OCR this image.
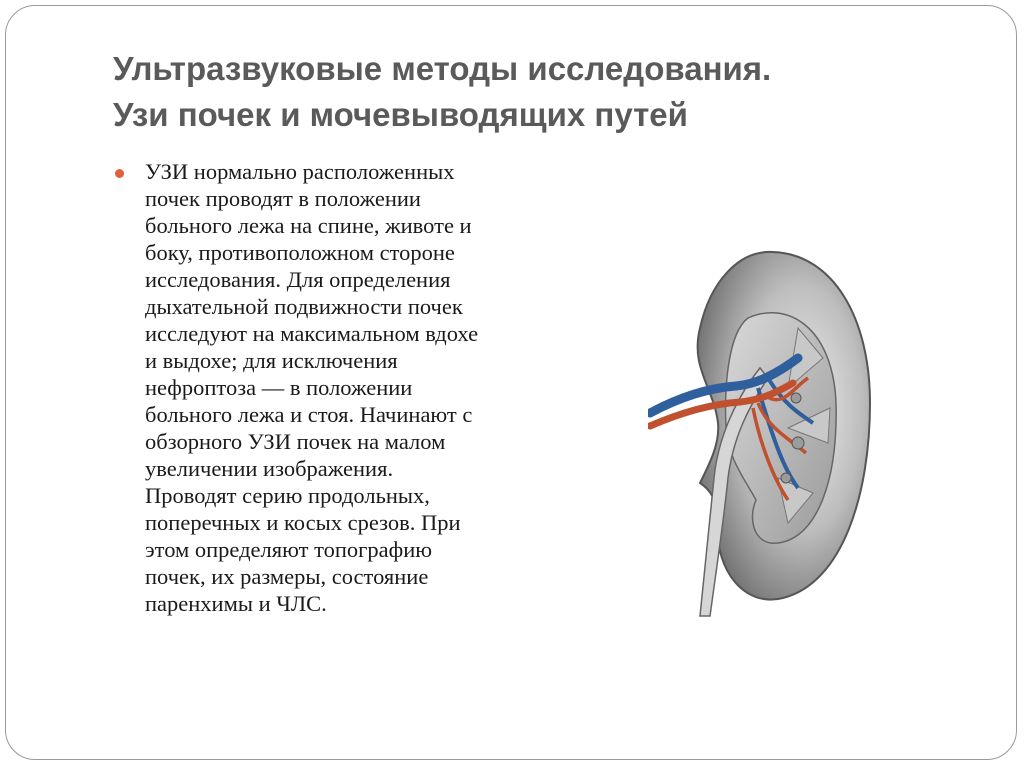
Ультразвуковые методы исследования.
Узи почек и мочевыводящих путей
УЗИ нормально расположенных
почек проводят в положении
больного лежа на спине, животе и
боку, противоположном стороне
исследования. Для определения
дыхательной подвижности почек
исследуют на максимальном вдохе
и выдохе; для исключения
нефроптоза — в положении
больного лежа и стоя. Начинают с
обзорного УЗИ почек на малом
увеличении изображения.
Проводят серию продольных,
поперечных и косых срезов. При
этом определяют топографию
почек, их размеры, состояние
паренхимы и ЧЛС.
